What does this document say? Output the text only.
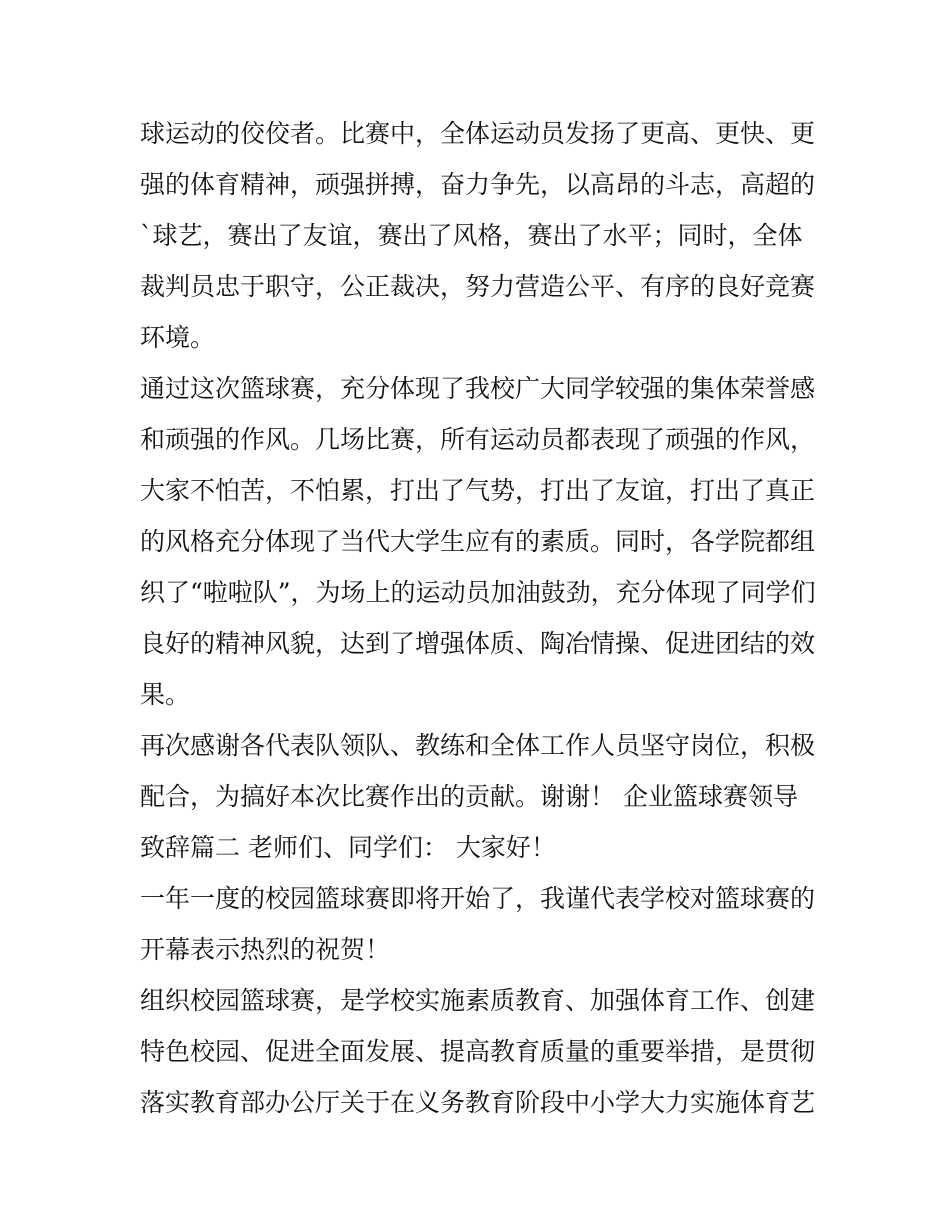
球运动的佼佼者。比赛中，全体运动员发扬了更高、更快、更
强的体育精神，顽强拼搏，奋力争先，以高昂的斗志，高超的
`球艺，赛出了友谊，赛出了风格，赛出了水平；同时，全体
裁判员忠于职守，公正裁决，努力营造公平、有序的良好竞赛
环境。
通过这次篮球赛，充分体现了我校广大同学较强的集体荣誉感
和顽强的作风。几场比赛，所有运动员都表现了顽强的作风，
大家不怕苦，不怕累，打出了气势，打出了友谊，打出了真正
的风格充分体现了当代大学生应有的素质。同时，各学院都组
织了“啦啦队”，为场上的运动员加油鼓劲，充分体现了同学们
良好的精神风貌，达到了增强体质、陶冶情操、促进团结的效
果。
再次感谢各代表队领队、教练和全体工作人员坚守岗位，积极
配合，为搞好本次比赛作出的贡献。谢谢！ 企业篮球赛领导
致辞篇二 老师们、同学们： 大家好！
一年一度的校园篮球赛即将开始了，我谨代表学校对篮球赛的
开幕表示热烈的祝贺！
组织校园篮球赛，是学校实施素质教育、加强体育工作、创建
特色校园、促进全面发展、提高教育质量的重要举措，是贯彻
落实教育部办公厅关于在义务教育阶段中小学大力实施体育艺
